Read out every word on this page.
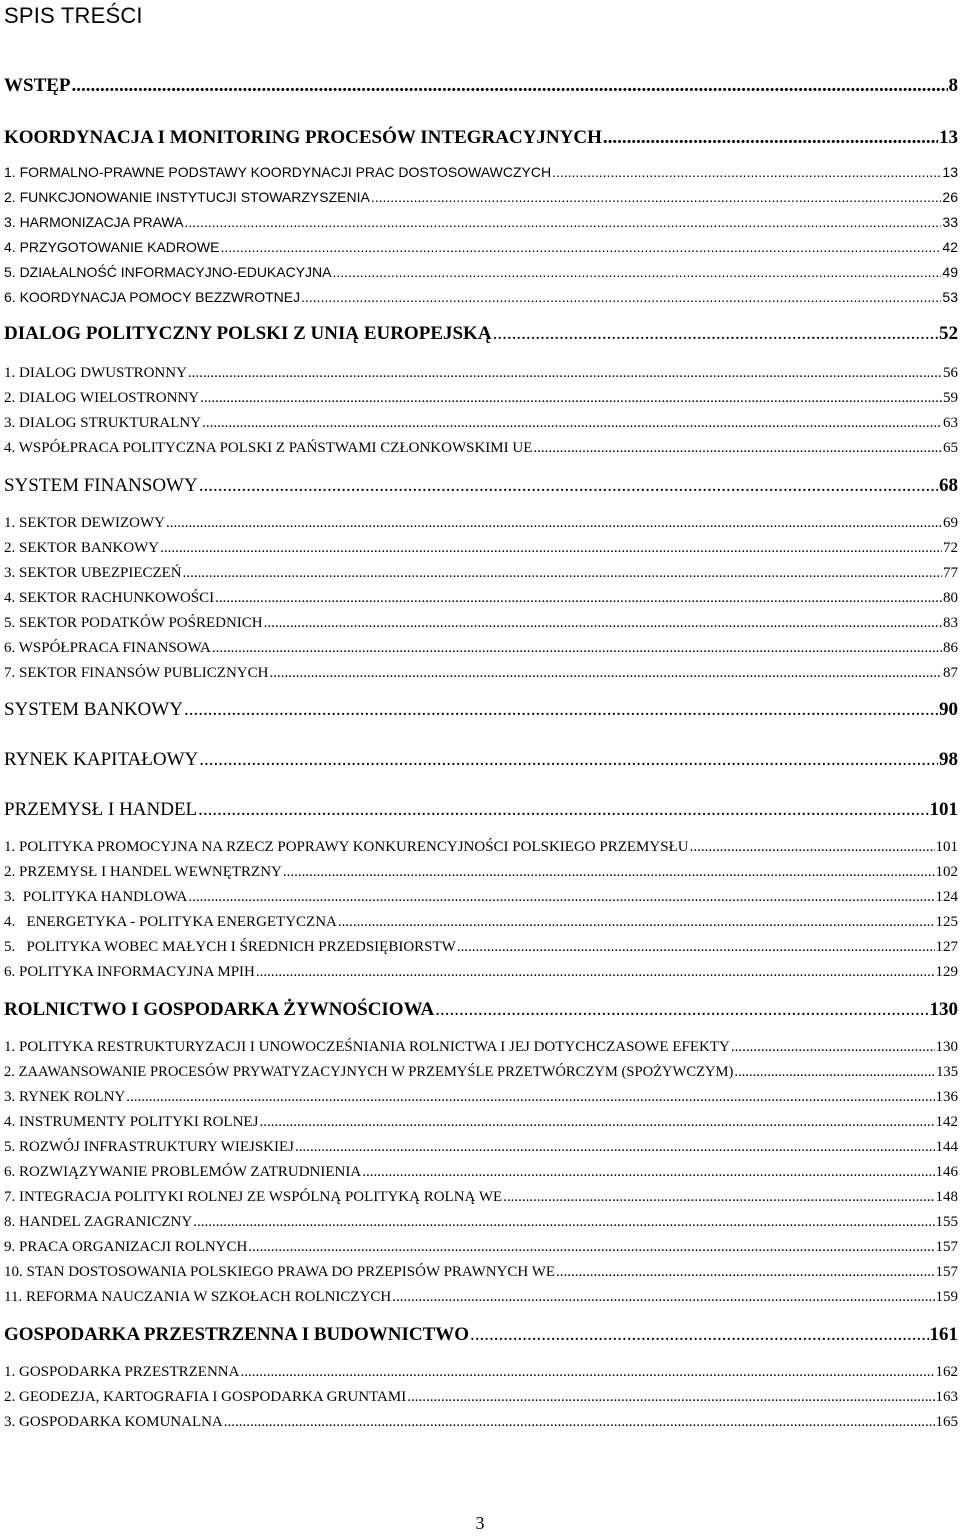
SPIS TREŚCI
WSTĘP .....	8
KOORDYNACJA I MONITORING PROCESÓW INTEGRACYJNYCH .....	13
1. FORMALNO-PRAWNE PODSTAWY KOORDYNACJI PRAC DOSTOSOWAWCZYCH .....	13
2. FUNKCJONOWANIE INSTYTUCJI STOWARZYSZENIA .....	26
3. HARMONIZACJA PRAWA .....	33
4. PRZYGOTOWANIE KADROWE .....	42
5. DZIAŁALNOŚĆ INFORMACYJNO-EDUKACYJNA .....	49
6. KOORDYNACJA POMOCY BEZZWROTNEJ .....	53
DIALOG POLITYCZNY POLSKI Z UNIĄ EUROPEJSKĄ .....	52
1. DIALOG DWUSTRONNY .....	56
2. DIALOG WIELOSTRONNY .....	59
3. DIALOG STRUKTURALNY .....	63
4. WSPÓŁPRACA POLITYCZNA POLSKI Z PAŃSTWAMI CZŁONKOWSKIMI UE .....	65
SYSTEM FINANSOWY .....	68
1. SEKTOR DEWIZOWY .....	69
2. SEKTOR BANKOWY .....	72
3. SEKTOR UBEZPIECZEŃ .....	77
4. SEKTOR RACHUNKOWOŚCI .....	80
5. SEKTOR PODATKÓW POŚREDNICH .....	83
6. WSPÓŁPRACA FINANSOWA .....	86
7. SEKTOR FINANSÓW PUBLICZNYCH .....	87
SYSTEM BANKOWY .....	90
RYNEK KAPITAŁOWY .....	98
PRZEMYSŁ I HANDEL .....	101
1. POLITYKA PROMOCYJNA NA RZECZ POPRAWY KONKURENCYJNOŚCI POLSKIEGO PRZEMYSŁU .....	101
2. PRZEMYSŁ I HANDEL WEWNĘTRZNY .....	102
3.  POLITYKA HANDLOWA .....	124
4.   ENERGETYKA - POLITYKA ENERGETYCZNA .....	125
5.   POLITYKA WOBEC MAŁYCH I ŚREDNICH PRZEDSIĘBIORSTW .....	127
6. POLITYKA INFORMACYJNA MPIH .....	129
ROLNICTWO I GOSPODARKA ŻYWNOŚCIOWA .....	130
1. POLITYKA RESTRUKTURYZACJI I UNOWOCZEŚNIANIA ROLNICTWA I JEJ DOTYCHCZASOWE EFEKTY .....	130
2. ZAAWANSOWANIE PROCESÓW PRYWATYZACYJNYCH W PRZEMYŚLE PRZETWÓRCZYM (SPOŻYWCZYM) .....	135
3. RYNEK ROLNY .....	136
4. INSTRUMENTY POLITYKI ROLNEJ .....	142
5. ROZWÓJ INFRASTRUKTURY WIEJSKIEJ .....	144
6. ROZWIĄZYWANIE PROBLEMÓW ZATRUDNIENIA .....	146
7. INTEGRACJA POLITYKI ROLNEJ ZE WSPÓLNĄ POLITYKĄ ROLNĄ WE .....	148
8. HANDEL ZAGRANICZNY .....	155
9. PRACA ORGANIZACJI ROLNYCH .....	157
10. STAN DOSTOSOWANIA POLSKIEGO PRAWA DO PRZEPISÓW PRAWNYCH WE .....	157
11. REFORMA NAUCZANIA W SZKOŁACH ROLNICZYCH .....	159
GOSPODARKA PRZESTRZENNA I BUDOWNICTWO .....	161
1. GOSPODARKA PRZESTRZENNA .....	162
2. GEODEZJA, KARTOGRAFIA I GOSPODARKA GRUNTAMI .....	163
3. GOSPODARKA KOMUNALNA .....	165
3
